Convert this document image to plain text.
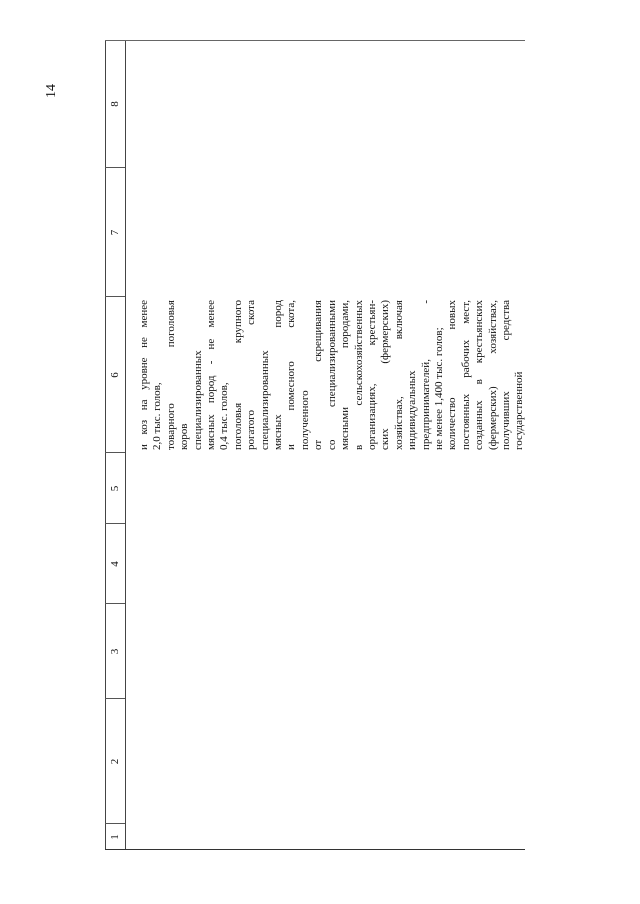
14
1
2
3
4
5
6
7
8
и коз на уровне не менее 2,0 тыс. голов, товарного поголовья коров специализированных мясных пород - не менее 0,4 тыс. голов, поголовья крупного рогатого скота специализированных мясных пород и помесного скота, полученного от скрещивания со специализированными мясными породами, в сельскохозяйственных организациях, крестьян- ских (фермерских) хозяйствах, включая индивидуальных предпринимателей, - не менее 1,400 тыс. голов; количество новых постоянных рабочих мест, созданных в крестьянских (фермерских) хозяйствах, получивших средства государственной
